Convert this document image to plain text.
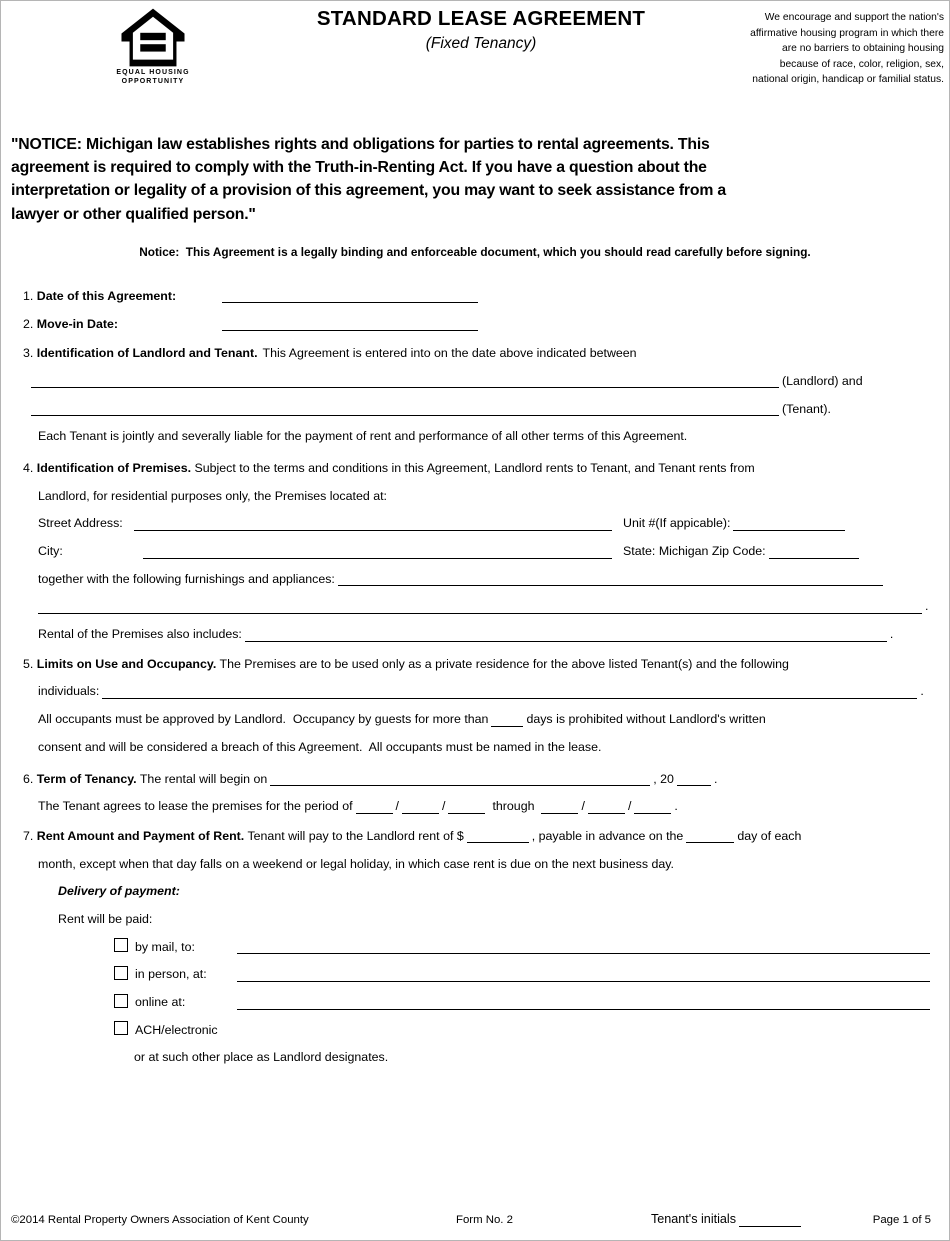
EQUAL HOUSING
OPPORTUNITY
STANDARD LEASE AGREEMENT
(Fixed Tenancy)
We encourage and support the nation's
affirmative housing program in which there
are no barriers to obtaining housing
because of race, color, religion, sex,
national origin, handicap or familial status.
"NOTICE: Michigan law establishes rights and obligations for parties to rental agreements. This
agreement is required to comply with the Truth-in-Renting Act. If you have a question about the
interpretation or legality of a provision of this agreement, you may want to seek assistance from a
lawyer or other qualified person."
Notice:  This Agreement is a legally binding and enforceable document, which you should read carefully before signing.
1. Date of this Agreement:
2. Move-in Date:
3. Identification of Landlord and Tenant. This Agreement is entered into on the date above indicated between
(Landlord) and
(Tenant).
Each Tenant is jointly and severally liable for the payment of rent and performance of all other terms of this Agreement.
4. Identification of Premises. Subject to the terms and conditions in this Agreement, Landlord rents to Tenant, and Tenant rents from
Landlord, for residential purposes only, the Premises located at:
Street Address:	Unit #(If appicable):
City:	State: Michigan Zip Code:
together with the following furnishings and appliances:
.
Rental of the Premises also includes:	.
5. Limits on Use and Occupancy. The Premises are to be used only as a private residence for the above listed Tenant(s) and the following
individuals:	.
All occupants must be approved by Landlord.  Occupancy by guests for more than	days is prohibited without Landlord's written
consent and will be considered a breach of this Agreement.  All occupants must be named in the lease.
6. Term of Tenancy. The rental will begin on	, 20	.
The Tenant agrees to lease the premises for the period of	/	/	through	/	/	.
7. Rent Amount and Payment of Rent. Tenant will pay to the Landlord rent of $	, payable in advance on the	day of each
month, except when that day falls on a weekend or legal holiday, in which case rent is due on the next business day.
Delivery of payment:
Rent will be paid:
by mail, to:
in person, at:
online at:
ACH/electronic
or at such other place as Landlord designates.
©2014 Rental Property Owners Association of Kent County	Form No. 2	Tenant's initials	Page 1 of 5
